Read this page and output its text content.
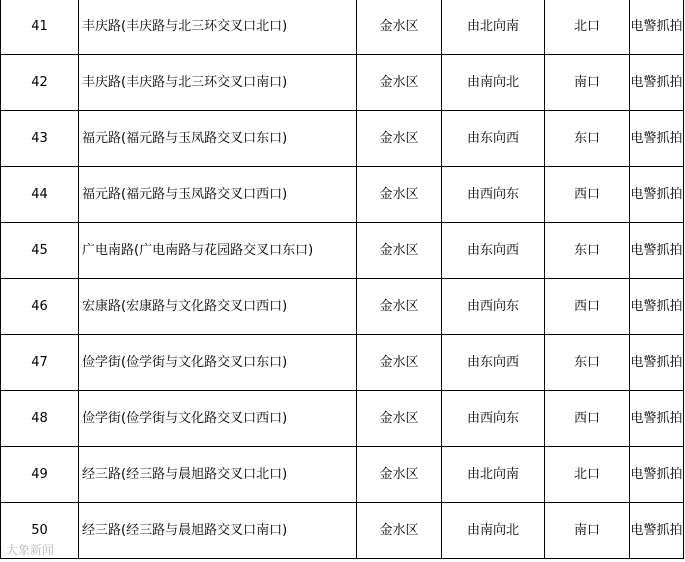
41	丰庆路(丰庆路与北三环交叉口北口)	金水区	由北向南	北口	电警抓拍
42	丰庆路(丰庆路与北三环交叉口南口)	金水区	由南向北	南口	电警抓拍
43	福元路(福元路与玉凤路交叉口东口)	金水区	由东向西	东口	电警抓拍
44	福元路(福元路与玉凤路交叉口西口)	金水区	由西向东	西口	电警抓拍
45	广电南路(广电南路与花园路交叉口东口)	金水区	由东向西	东口	电警抓拍
46	宏康路(宏康路与文化路交叉口西口)	金水区	由西向东	西口	电警抓拍
47	俭学街(俭学街与文化路交叉口东口)	金水区	由东向西	东口	电警抓拍
48	俭学街(俭学街与文化路交叉口西口)	金水区	由西向东	西口	电警抓拍
49	经三路(经三路与晨旭路交叉口北口)	金水区	由北向南	北口	电警抓拍
50	经三路(经三路与晨旭路交叉口南口)	金水区	由南向北	南口	电警抓拍
大象新闻
